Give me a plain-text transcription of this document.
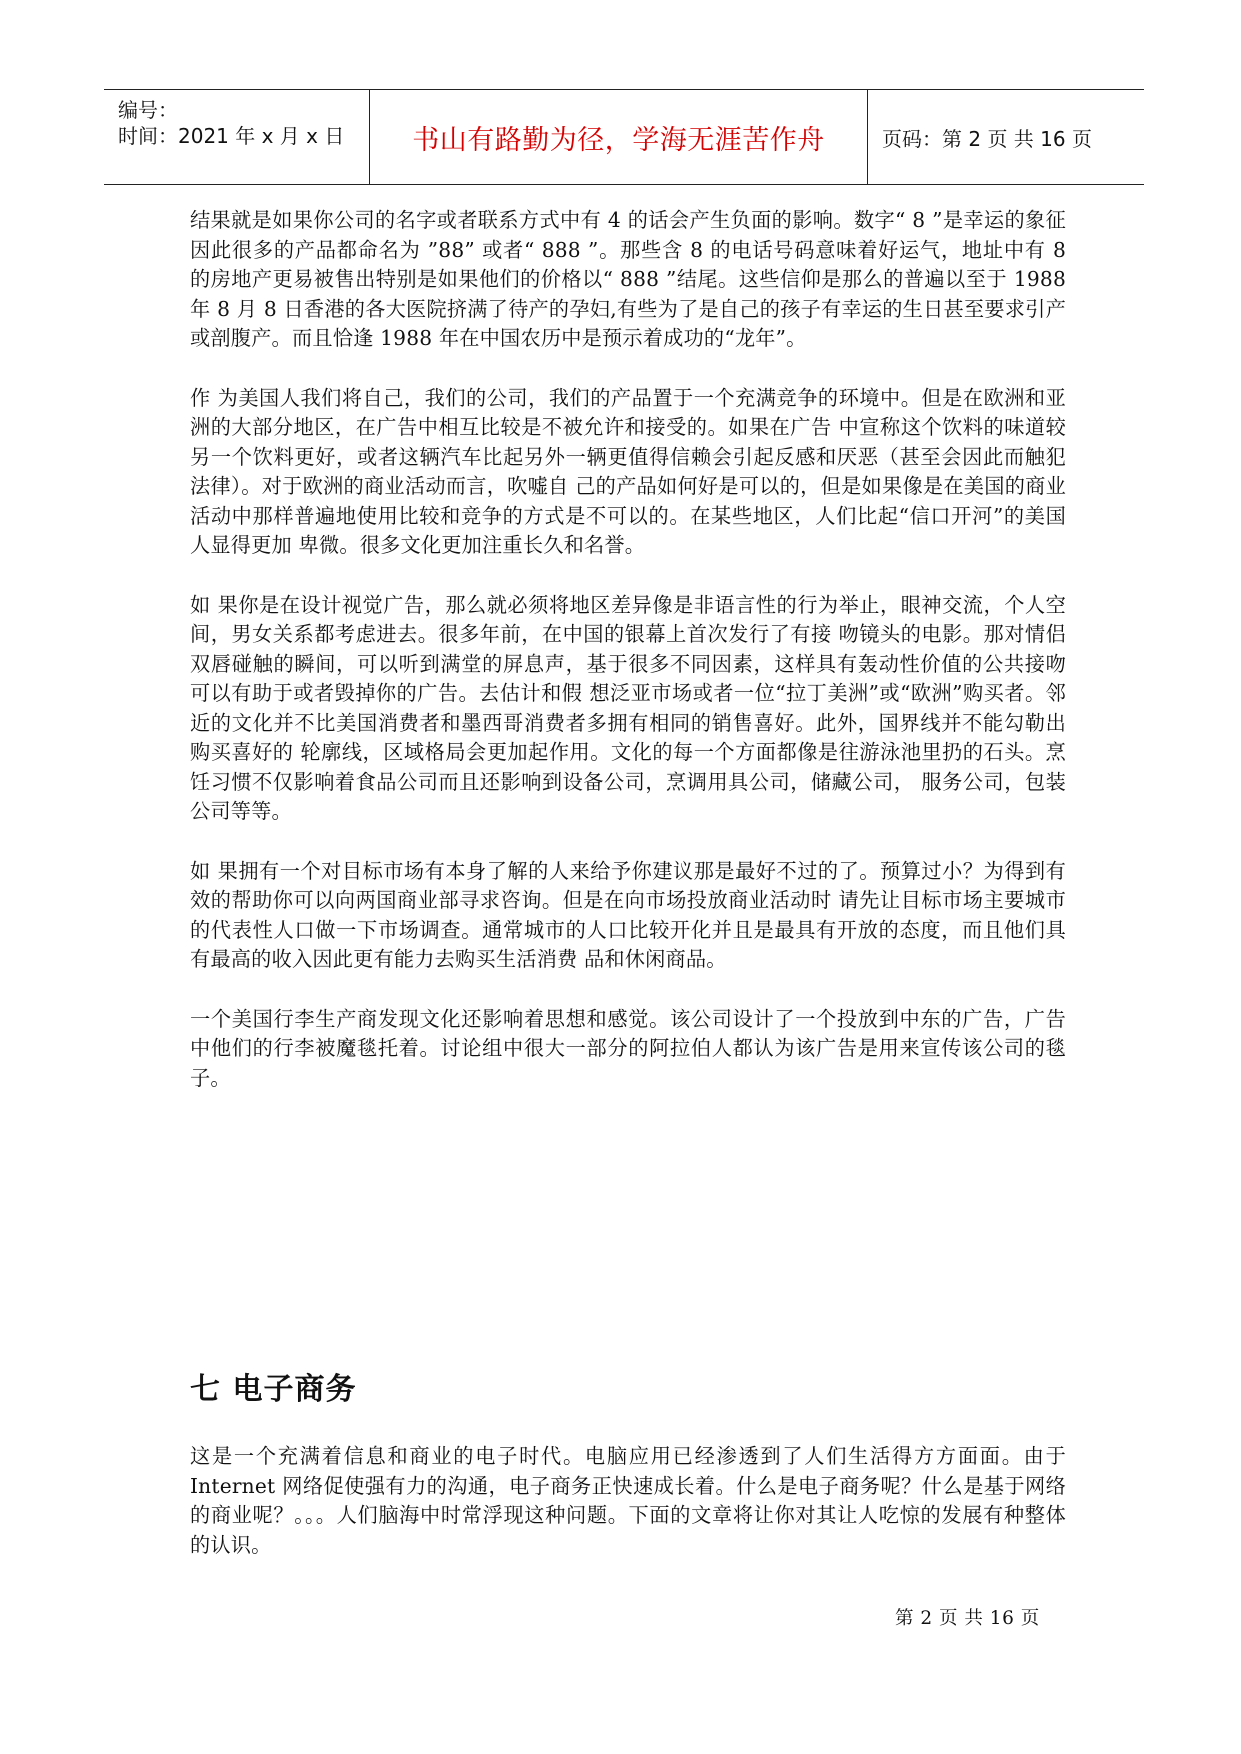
编号：
时间：2021 年 x 月 x 日	书山有路勤为径，学海无涯苦作舟	页码：第 2 页 共 16 页

结果就是如果你公司的名字或者联系方式中有 4 的话会产生负面的影响。数字“ 8 ”是幸运的象征因此很多的产品都命名为 ”88” 或者“ 888 ”。那些含 8 的电话号码意味着好运气，地址中有 8 的房地产更易被售出特别是如果他们的价格以“ 888 ”结尾。这些信仰是那么的普遍以至于 1988 年 8 月 8 日香港的各大医院挤满了待产的孕妇,有些为了是自己的孩子有幸运的生日甚至要求引产或剖腹产。而且恰逢 1988 年在中国农历中是预示着成功的“龙年”。

作 为美国人我们将自己，我们的公司，我们的产品置于一个充满竞争的环境中。但是在欧洲和亚洲的大部分地区，在广告中相互比较是不被允许和接受的。如果在广告 中宣称这个饮料的味道较另一个饮料更好，或者这辆汽车比起另外一辆更值得信赖会引起反感和厌恶（甚至会因此而触犯法律）。对于欧洲的商业活动而言，吹嘘自 己的产品如何好是可以的，但是如果像是在美国的商业活动中那样普遍地使用比较和竞争的方式是不可以的。在某些地区，人们比起“信口开河”的美国人显得更加 卑微。很多文化更加注重长久和名誉。

如 果你是在设计视觉广告，那么就必须将地区差异像是非语言性的行为举止，眼神交流，个人空间，男女关系都考虑进去。很多年前，在中国的银幕上首次发行了有接 吻镜头的电影。那对情侣双唇碰触的瞬间，可以听到满堂的屏息声，基于很多不同因素，这样具有轰动性价值的公共接吻可以有助于或者毁掉你的广告。去估计和假 想泛亚市场或者一位“拉丁美洲”或“欧洲”购买者。邻近的文化并不比美国消费者和墨西哥消费者多拥有相同的销售喜好。此外，国界线并不能勾勒出购买喜好的 轮廓线，区域格局会更加起作用。文化的每一个方面都像是往游泳池里扔的石头。烹饪习惯不仅影响着食品公司而且还影响到设备公司，烹调用具公司，储藏公司， 服务公司，包装公司等等。

如 果拥有一个对目标市场有本身了解的人来给予你建议那是最好不过的了。预算过小？为得到有效的帮助你可以向两国商业部寻求咨询。但是在向市场投放商业活动时 请先让目标市场主要城市的代表性人口做一下市场调查。通常城市的人口比较开化并且是最具有开放的态度，而且他们具有最高的收入因此更有能力去购买生活消费 品和休闲商品。

一个美国行李生产商发现文化还影响着思想和感觉。该公司设计了一个投放到中东的广告，广告中他们的行李被魔毯托着。讨论组中很大一部分的阿拉伯人都认为该广告是用来宣传该公司的毯子。

七 电子商务

这是一个充满着信息和商业的电子时代。电脑应用已经渗透到了人们生活得方方面面。由于 Internet 网络促使强有力的沟通，电子商务正快速成长着。什么是电子商务呢？什么是基于网络的商业呢？。。。人们脑海中时常浮现这种问题。下面的文章将让你对其让人吃惊的发展有种整体的认识。

第 2 页 共 16 页
